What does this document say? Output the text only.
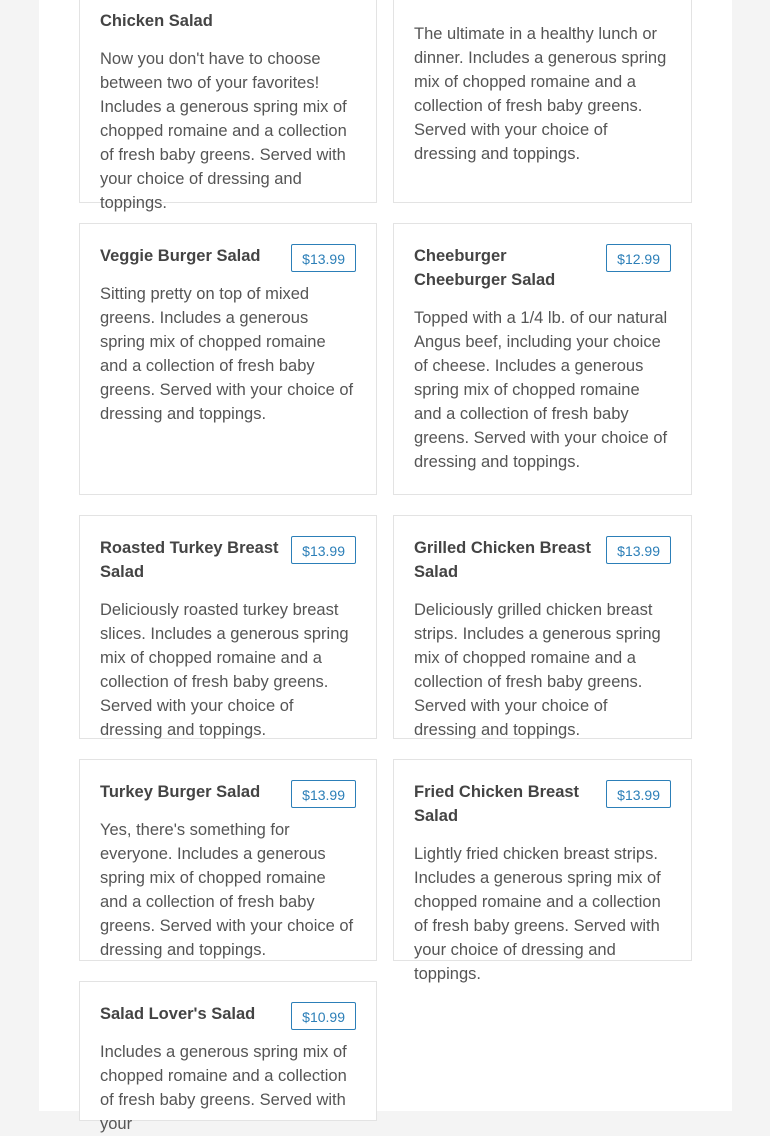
Chicken Salad

Now you don't have to choose between two of your favorites! Includes a generous spring mix of chopped romaine and a collection of fresh baby greens. Served with your choice of dressing and toppings.

The ultimate in a healthy lunch or dinner. Includes a generous spring mix of chopped romaine and a collection of fresh baby greens. Served with your choice of dressing and toppings.

Veggie Burger Salad	$13.99

Sitting pretty on top of mixed greens. Includes a generous spring mix of chopped romaine and a collection of fresh baby greens. Served with your choice of dressing and toppings.

Cheeburger Cheeburger Salad
$12.99

Topped with a 1/4 lb. of our natural Angus beef, including your choice of cheese. Includes a generous spring mix of chopped romaine and a collection of fresh baby greens. Served with your choice of dressing and toppings.

Roasted Turkey Breast Salad
$13.99

Deliciously roasted turkey breast slices. Includes a generous spring mix of chopped romaine and a collection of fresh baby greens. Served with your choice of dressing and toppings.

Grilled Chicken Breast Salad
$13.99

Deliciously grilled chicken breast strips. Includes a generous spring mix of chopped romaine and a collection of fresh baby greens. Served with your choice of dressing and toppings.

Turkey Burger Salad	$13.99

Yes, there's something for everyone. Includes a generous spring mix of chopped romaine and a collection of fresh baby greens. Served with your choice of dressing and toppings.

Fried Chicken Breast Salad
$13.99

Lightly fried chicken breast strips. Includes a generous spring mix of chopped romaine and a collection of fresh baby greens. Served with your choice of dressing and toppings.

Salad Lover's Salad	$10.99

Includes a generous spring mix of chopped romaine and a collection of fresh baby greens. Served with your
